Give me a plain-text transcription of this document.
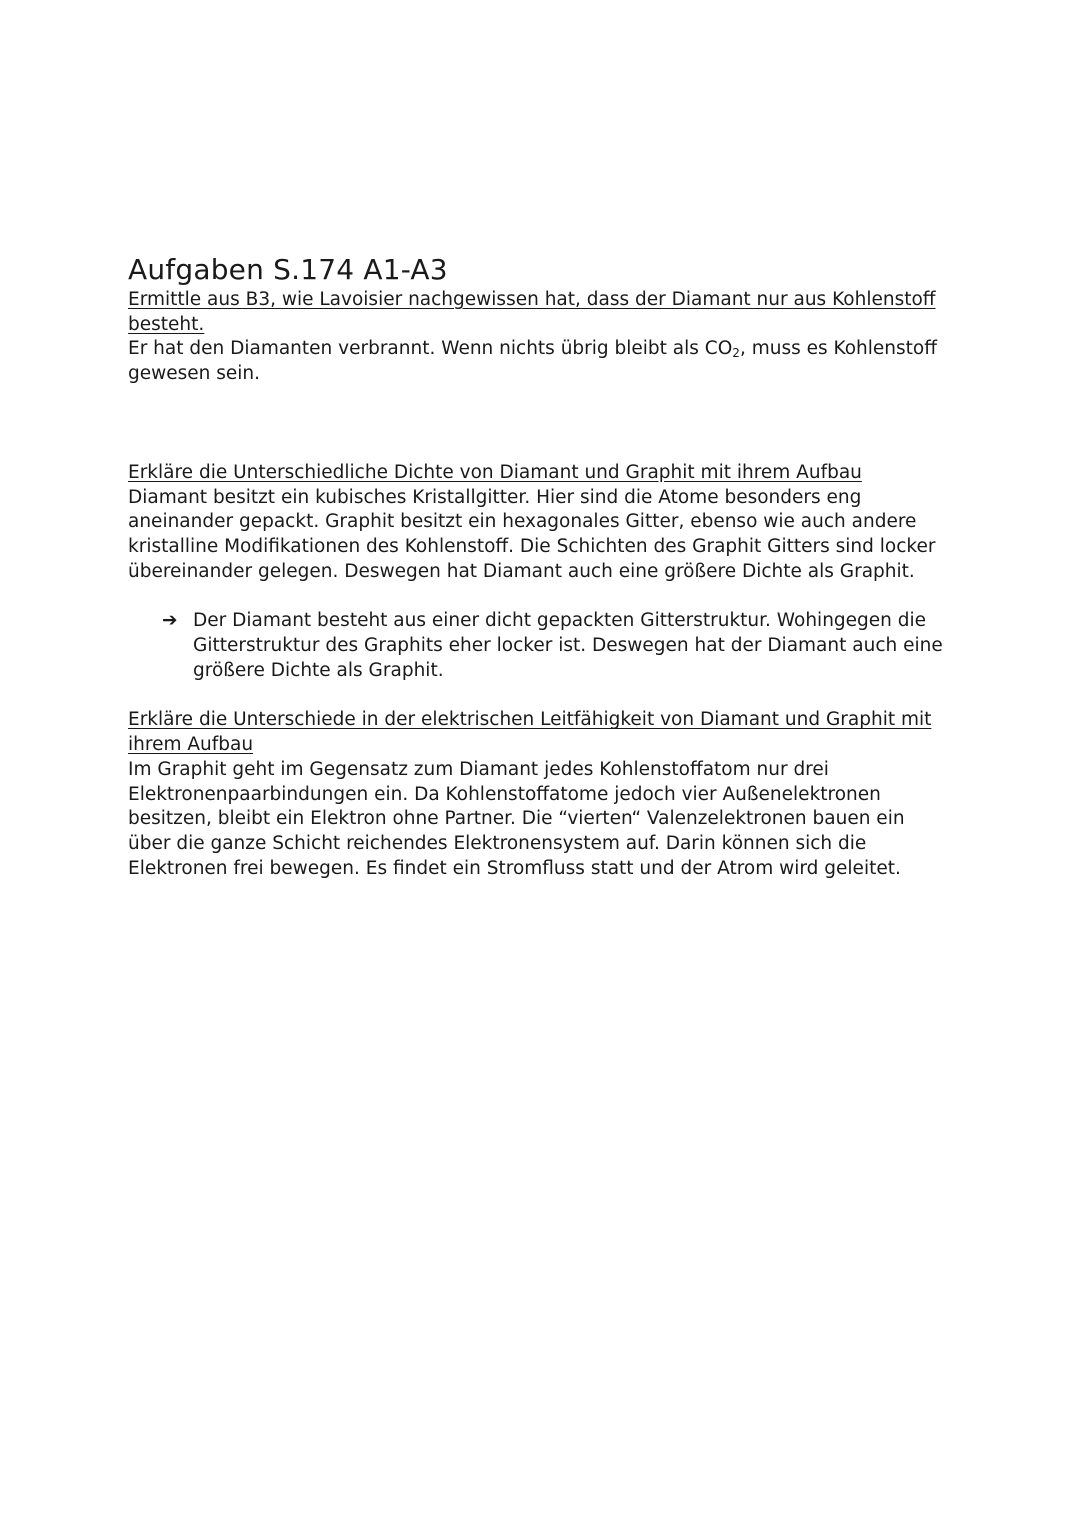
Aufgaben S.174 A1-A3

Ermittle aus B3, wie Lavoisier nachgewissen hat, dass der Diamant nur aus Kohlenstoff besteht.

Er hat den Diamanten verbrannt. Wenn nichts übrig bleibt als $CO_2$, muss es Kohlenstoff gewesen sein.

Erkläre die Unterschiedliche Dichte von Diamant und Graphit mit ihrem Aufbau

Diamant besitzt ein kubisches Kristallgitter. Hier sind die Atome besonders eng aneinander gepackt. Graphit besitzt ein hexagonales Gitter, ebenso wie auch andere kristalline Modifikationen des Kohlenstoff. Die Schichten des Graphit Gitters sind locker übereinander gelegen. Deswegen hat Diamant auch eine größere Dichte als Graphit.

➔ Der Diamant besteht aus einer dicht gepackten Gitterstruktur. Wohingegen die Gitterstruktur des Graphits eher locker ist. Deswegen hat der Diamant auch eine größere Dichte als Graphit.

Erkläre die Unterschiede in der elektrischen Leitfähigkeit von Diamant und Graphit mit ihrem Aufbau

Im Graphit geht im Gegensatz zum Diamant jedes Kohlenstoffatom nur drei Elektronenpaarbindungen ein. Da Kohlenstoffatome jedoch vier Außenelektronen besitzen, bleibt ein Elektron ohne Partner. Die “vierten“ Valenzelektronen bauen ein über die ganze Schicht reichendes Elektronensystem auf. Darin können sich die Elektronen frei bewegen. Es findet ein Stromfluss statt und der Atrom wird geleitet.
